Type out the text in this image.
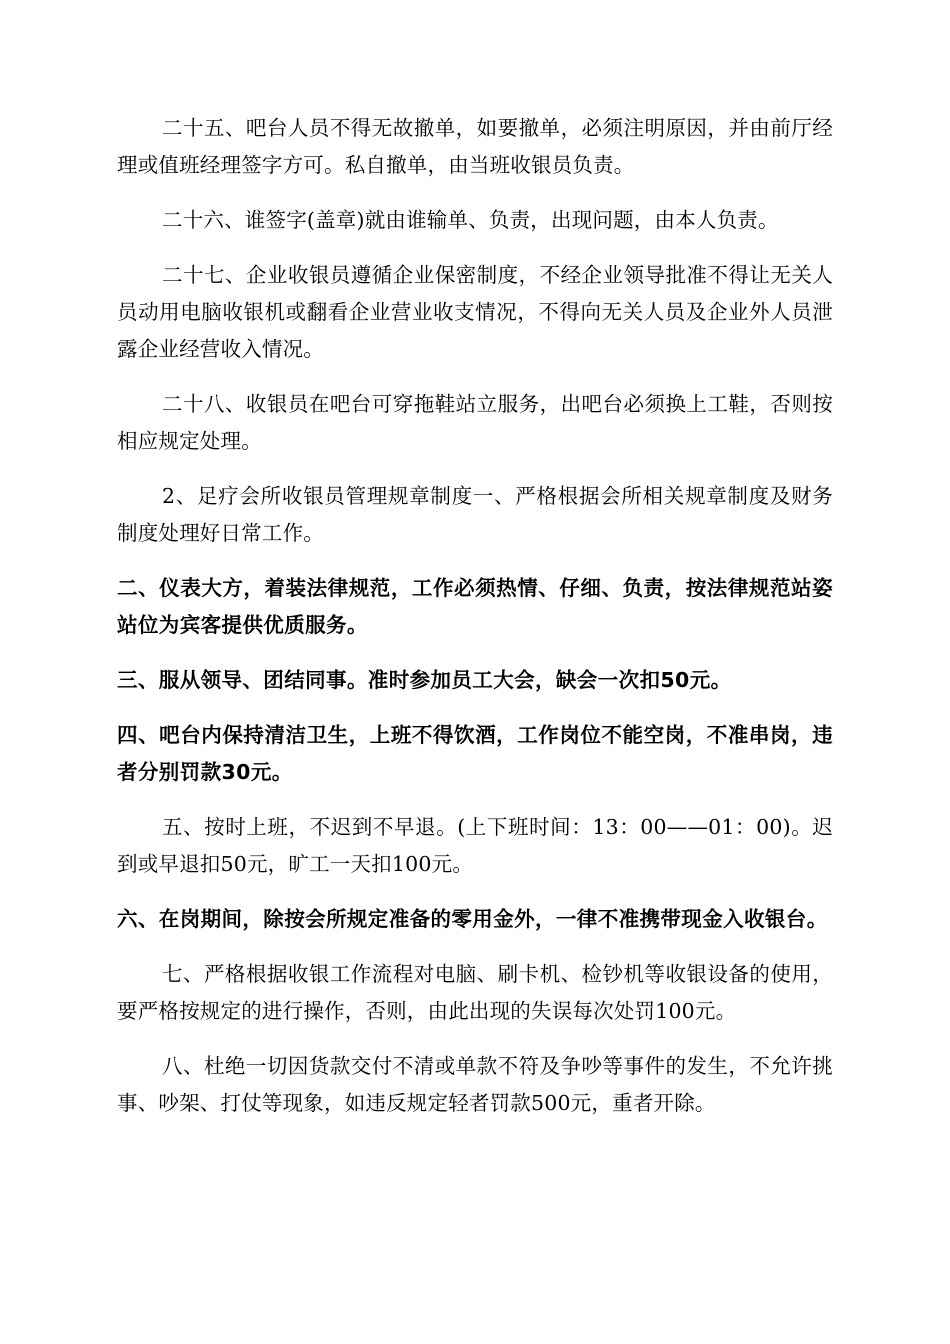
二十五、吧台人员不得无故撤单，如要撤单，必须注明原因，并由前厅经理或值班经理签字方可。私自撤单，由当班收银员负责。

二十六、谁签字(盖章)就由谁输单、负责，出现问题，由本人负责。

二十七、企业收银员遵循企业保密制度，不经企业领导批准不得让无关人员动用电脑收银机或翻看企业营业收支情况，不得向无关人员及企业外人员泄露企业经营收入情况。

二十八、收银员在吧台可穿拖鞋站立服务，出吧台必须换上工鞋，否则按相应规定处理。

2、足疗会所收银员管理规章制度一、严格根据会所相关规章制度及财务制度处理好日常工作。

二、仪表大方，着装法律规范，工作必须热情、仔细、负责，按法律规范站姿站位为宾客提供优质服务。

三、服从领导、团结同事。准时参加员工大会，缺会一次扣50元。

四、吧台内保持清洁卫生，上班不得饮酒，工作岗位不能空岗，不准串岗，违者分别罚款30元。

五、按时上班，不迟到不早退。(上下班时间：13：00——01：00)。迟到或早退扣50元，旷工一天扣100元。

六、在岗期间，除按会所规定准备的零用金外，一律不准携带现金入收银台。

七、严格根据收银工作流程对电脑、刷卡机、检钞机等收银设备的使用，要严格按规定的进行操作，否则，由此出现的失误每次处罚100元。

八、杜绝一切因货款交付不清或单款不符及争吵等事件的发生，不允许挑事、吵架、打仗等现象，如违反规定轻者罚款500元，重者开除。
